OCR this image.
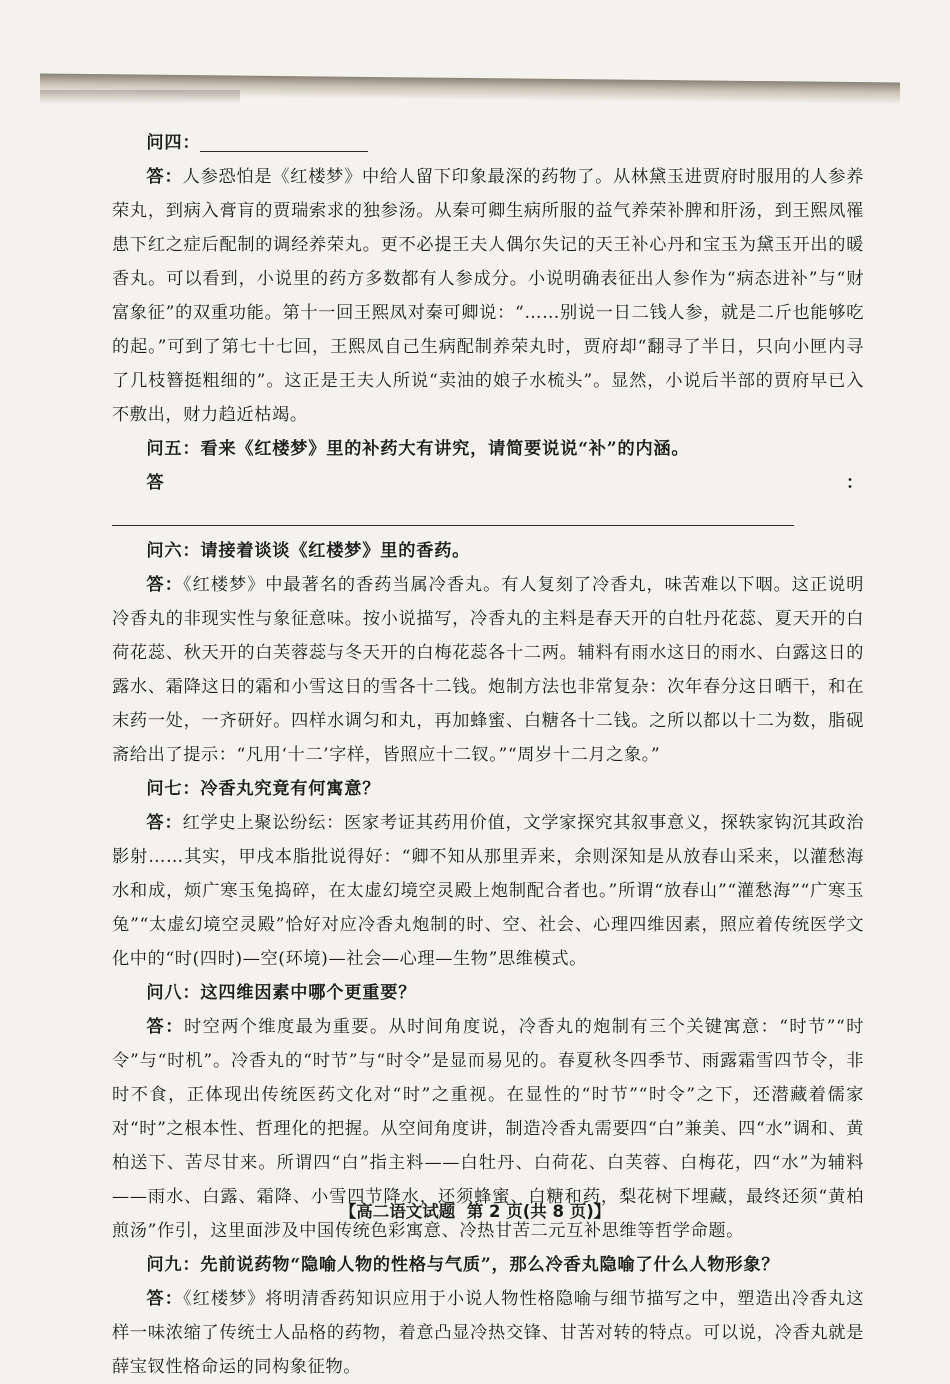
问四：

答：人参恐怕是《红楼梦》中给人留下印象最深的药物了。从林黛玉进贾府时服用的人参养荣丸，到病入膏肓的贾瑞索求的独参汤。从秦可卿生病所服的益气养荣补脾和肝汤，到王熙凤罹患下红之症后配制的调经养荣丸。更不必提王夫人偶尔失记的天王补心丹和宝玉为黛玉开出的暖香丸。可以看到，小说里的药方多数都有人参成分。小说明确表征出人参作为“病态进补”与“财富象征”的双重功能。第十一回王熙凤对秦可卿说：“……别说一日二钱人参，就是二斤也能够吃的起。”可到了第七十七回，王熙凤自己生病配制养荣丸时，贾府却“翻寻了半日，只向小匣内寻了几枝簪挺粗细的”。这正是王夫人所说“卖油的娘子水梳头”。显然，小说后半部的贾府早已入不敷出，财力趋近枯竭。

问五：看来《红楼梦》里的补药大有讲究，请简要说说“补”的内涵。

答：

问六：请接着谈谈《红楼梦》里的香药。

答：《红楼梦》中最著名的香药当属冷香丸。有人复刻了冷香丸，味苦难以下咽。这正说明冷香丸的非现实性与象征意味。按小说描写，冷香丸的主料是春天开的白牡丹花蕊、夏天开的白荷花蕊、秋天开的白芙蓉蕊与冬天开的白梅花蕊各十二两。辅料有雨水这日的雨水、白露这日的露水、霜降这日的霜和小雪这日的雪各十二钱。炮制方法也非常复杂：次年春分这日晒干，和在末药一处，一齐研好。四样水调匀和丸，再加蜂蜜、白糖各十二钱。之所以都以十二为数，脂砚斋给出了提示：“凡用‘十二’字样，皆照应十二钗。”“周岁十二月之象。”

问七：冷香丸究竟有何寓意？

答：红学史上聚讼纷纭：医家考证其药用价值，文学家探究其叙事意义，探轶家钩沉其政治影射……其实，甲戌本脂批说得好：“卿不知从那里弄来，余则深知是从放春山采来，以灌愁海水和成，烦广寒玉兔捣碎，在太虚幻境空灵殿上炮制配合者也。”所谓“放春山”“灌愁海”“广寒玉兔”“太虚幻境空灵殿”恰好对应冷香丸炮制的时、空、社会、心理四维因素，照应着传统医学文化中的“时(四时)—空(环境)—社会—心理—生物”思维模式。

问八：这四维因素中哪个更重要？

答：时空两个维度最为重要。从时间角度说，冷香丸的炮制有三个关键寓意：“时节”“时令”与“时机”。冷香丸的“时节”与“时令”是显而易见的。春夏秋冬四季节、雨露霜雪四节令，非时不食，正体现出传统医药文化对“时”之重视。在显性的“时节”“时令”之下，还潜藏着儒家对“时”之根本性、哲理化的把握。从空间角度讲，制造冷香丸需要四“白”兼美、四“水”调和、黄柏送下、苦尽甘来。所谓四“白”指主料——白牡丹、白荷花、白芙蓉、白梅花，四“水”为辅料——雨水、白露、霜降、小雪四节降水，还须蜂蜜、白糖和药，梨花树下埋藏，最终还须“黄柏煎汤”作引，这里面涉及中国传统色彩寓意、冷热甘苦二元互补思维等哲学命题。

问九：先前说药物“隐喻人物的性格与气质”，那么冷香丸隐喻了什么人物形象？

答：《红楼梦》将明清香药知识应用于小说人物性格隐喻与细节描写之中，塑造出冷香丸这样一味浓缩了传统士人品格的药物，着意凸显冷热交锋、甘苦对转的特点。可以说，冷香丸就是薛宝钗性格命运的同构象征物。

【高二语文试题 第 2 页(共 8 页)】
